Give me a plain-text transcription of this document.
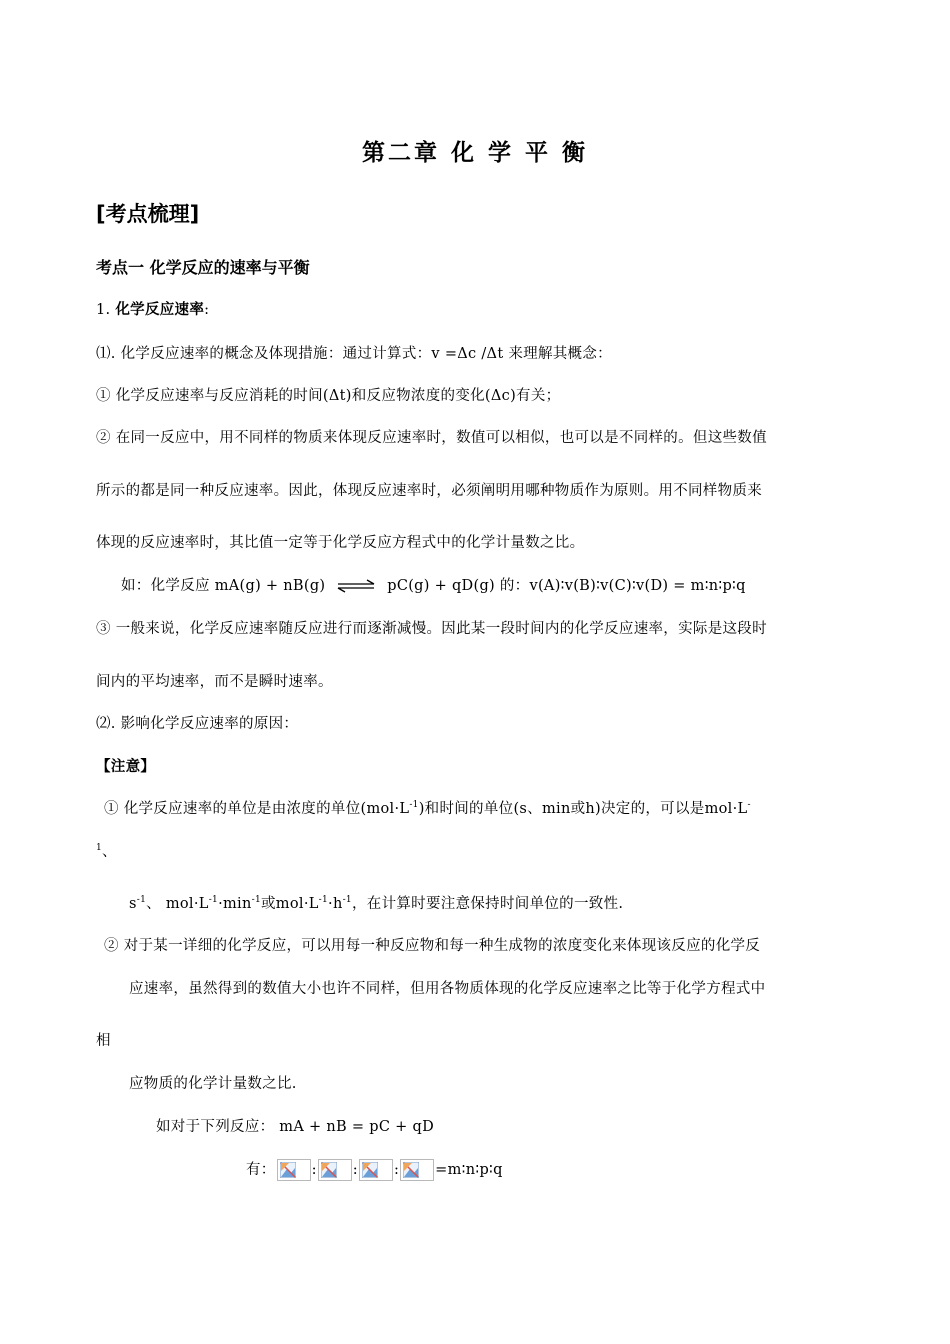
第二章 化 学 平 衡
[考点梳理]
考点一 化学反应的速率与平衡
1. 化学反应速率:
⑴. 化学反应速率的概念及体现措施：通过计算式：v =Δc /Δt 来理解其概念：
① 化学反应速率与反应消耗的时间(Δt)和反应物浓度的变化(Δc)有关；
② 在同一反应中，用不同样的物质来体现反应速率时，数值可以相似，也可以是不同样的。但这些数值
所示的都是同一种反应速率。因此，体现反应速率时，必须阐明用哪种物质作为原则。用不同样物质来
体现的反应速率时，其比值一定等于化学反应方程式中的化学计量数之比。
如：化学反应 mA(g) + nB(g) ⇌ pC(g) + qD(g) 的：v(A)∶v(B)∶v(C)∶v(D) = m∶n∶p∶q
③ 一般来说，化学反应速率随反应进行而逐渐减慢。因此某一段时间内的化学反应速率，实际是这段时
间内的平均速率，而不是瞬时速率。
⑵. 影响化学反应速率的原因：
【注意】
① 化学反应速率的单位是由浓度的单位$(mol\cdot L^{-1})$和时间的单位(s、min或h)决定的，可以是mol·L-
$^1$、
$s^{-1}$、 $mol\cdot L^{-1}\cdot\min^{-1}$或$mol\cdot L^{-1}\cdot h^{-1}$，在计算时要注意保持时间单位的一致性.
② 对于某一详细的化学反应，可以用每一种反应物和每一种生成物的浓度变化来体现该反应的化学反
应速率，虽然得到的数值大小也许不同样，但用各物质体现的化学反应速率之比等于化学方程式中
相
应物质的化学计量数之比.
如对于下列反应： mA + nB = pC + qD
有： : : : =m∶n∶p∶q
